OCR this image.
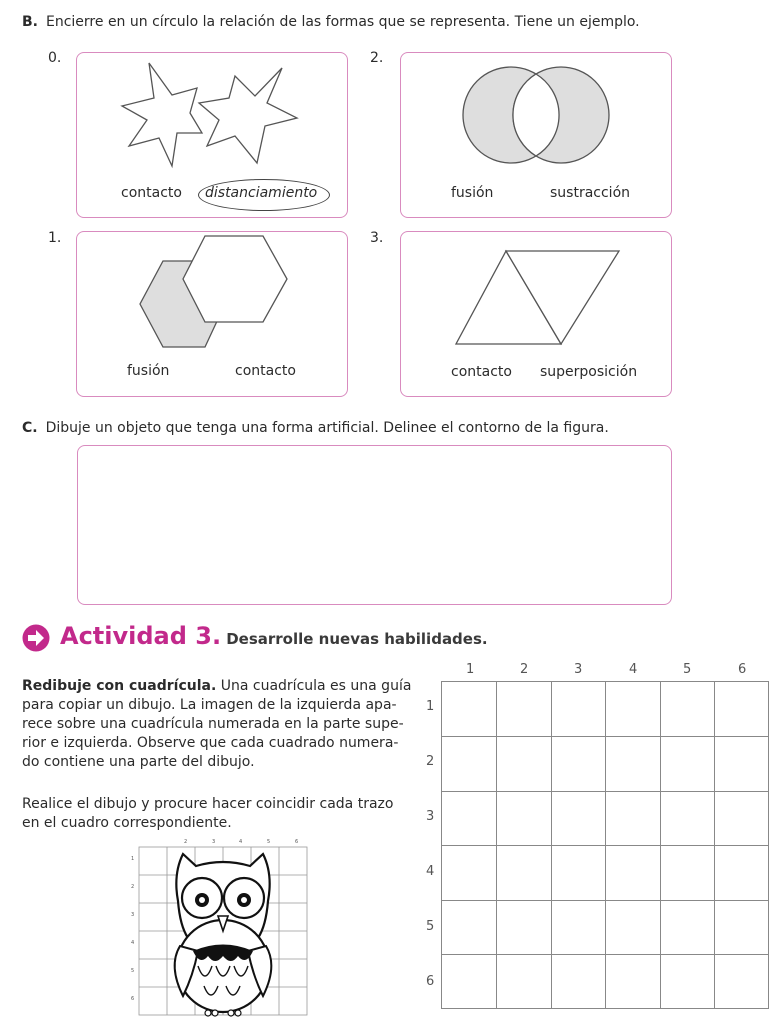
B. Encierre en un círculo la relación de las formas que se representa. Tiene un ejemplo.
0.
contacto distanciamiento
2.
fusión	sustracción
1.
fusión	contacto
3.
contacto superposición
C. Dibuje un objeto que tenga una forma artificial. Delinee el contorno de la figura.
Actividad 3. Desarrolle nuevas habilidades.
Redibuje con cuadrícula. Una cuadrícula es una guía
para copiar un dibujo. La imagen de la izquierda apa-
rece sobre una cuadrícula numerada en la parte supe-
rior e izquierda. Observe que cada cuadrado numera-
do contiene una parte del dibujo.
Realice el dibujo y procure hacer coincidir cada trazo
en el cuadro correspondiente.
2	3	4	5	6
1
2
3
4
5
6
1	2	3	4	5	6
1
2
3
4
5
6
